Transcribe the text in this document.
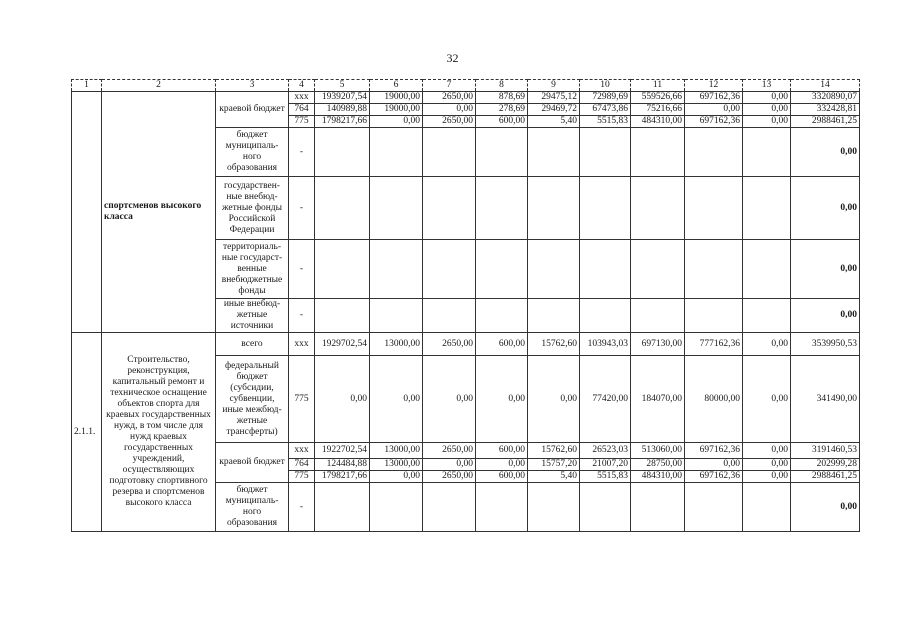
32
1	2	3	4	5	6	7	8	9	10	11	12	13	14
	спортсменов высокого класса	краевой бюджет	xxx	1939207,54	19000,00	2650,00	878,69	29475,12	72989,69	559526,66	697162,36	0,00	3320890,07
			764	140989,88	19000,00	0,00	278,69	29469,72	67473,86	75216,66	0,00	0,00	332428,81
			775	1798217,66	0,00	2650,00	600,00	5,40	5515,83	484310,00	697162,36	0,00	2988461,25
		бюджет муниципаль-ного образования	-										0,00
		государствен-ные внебюд-жетные фонды Российской Федерации	-										0,00
		территориаль-ные государст-венные внебюджетные фонды	-										0,00
		иные внебюд-жетные источники	-										0,00
2.1.1.	Строительство, реконструкция, капитальный ремонт и техническое оснащение объектов спорта для краевых государственных нужд, в том числе для нужд краевых государственных учреждений, осуществляющих подготовку спортивного резерва и спортсменов высокого класса	всего	xxx	1929702,54	13000,00	2650,00	600,00	15762,60	103943,03	697130,00	777162,36	0,00	3539950,53
		федеральный бюджет (субсидии, субвенции, иные межбюд-жетные трансферты)	775	0,00	0,00	0,00	0,00	0,00	77420,00	184070,00	80000,00	0,00	341490,00
		краевой бюджет	xxx	1922702,54	13000,00	2650,00	600,00	15762,60	26523,03	513060,00	697162,36	0,00	3191460,53
			764	124484,88	13000,00	0,00	0,00	15757,20	21007,20	28750,00	0,00	0,00	202999,28
			775	1798217,66	0,00	2650,00	600,00	5,40	5515,83	484310,00	697162,36	0,00	2988461,25
		бюджет муниципаль-ного образования	-										0,00
